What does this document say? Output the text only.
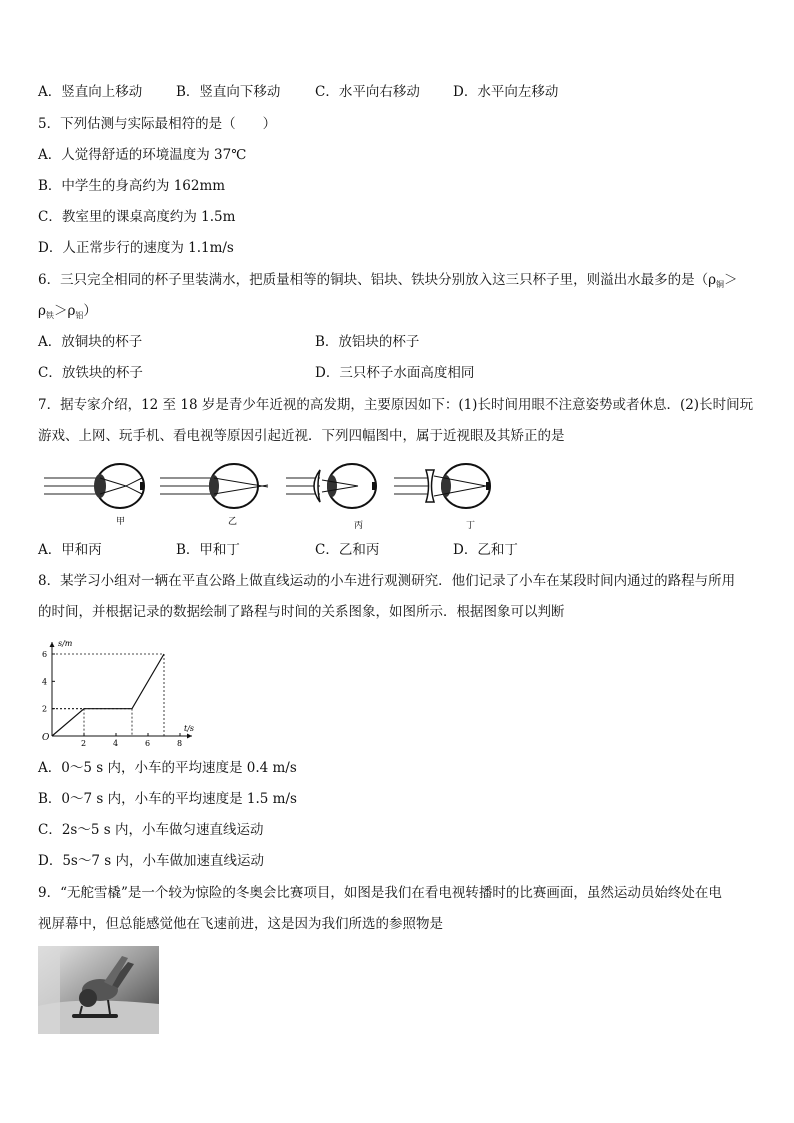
A．竖直向上移动	B．竖直向下移动	C．水平向右移动 D．水平向左移动
5．下列估测与实际最相符的是（　　）
A．人觉得舒适的环境温度为 37℃
B．中学生的身高约为 162mm
C．教室里的课桌高度约为 1.5m
D．人正常步行的速度为 1.1m/s
6．三只完全相同的杯子里装满水，把质量相等的铜块、铝块、铁块分别放入这三只杯子里，则溢出水最多的是（$\rho_铜>$
$\rho_铁>\rho_铝$）
A．放铜块的杯子	B．放铝块的杯子
C．放铁块的杯子	D．三只杯子水面高度相同
7．据专家介绍，12 至 18 岁是青少年近视的高发期，主要原因如下：(1)长时间用眼不注意姿势或者休息．(2)长时间玩
游戏、上网、玩手机、看电视等原因引起近视．下列四幅图中，属于近视眼及其矫正的是
甲	乙	丙	丁
A．甲和丙	B．甲和丁	C．乙和丙	D．乙和丁
8．某学习小组对一辆在平直公路上做直线运动的小车进行观测研究．他们记录了小车在某段时间内通过的路程与所用
的时间，并根据记录的数据绘制了路程与时间的关系图象，如图所示．根据图象可以判断
s/m
t/s
O
2	4	6	8
2
4
6
A．0～5 s 内，小车的平均速度是 0.4 m/s
B．0～7 s 内，小车的平均速度是 1.5 m/s
C．2s～5 s 内，小车做匀速直线运动
D．5s～7 s 内，小车做加速直线运动
9．“无舵雪橇”是一个较为惊险的冬奥会比赛项目，如图是我们在看电视转播时的比赛画面，虽然运动员始终处在电
视屏幕中，但总能感觉他在飞速前进，这是因为我们所选的参照物是
